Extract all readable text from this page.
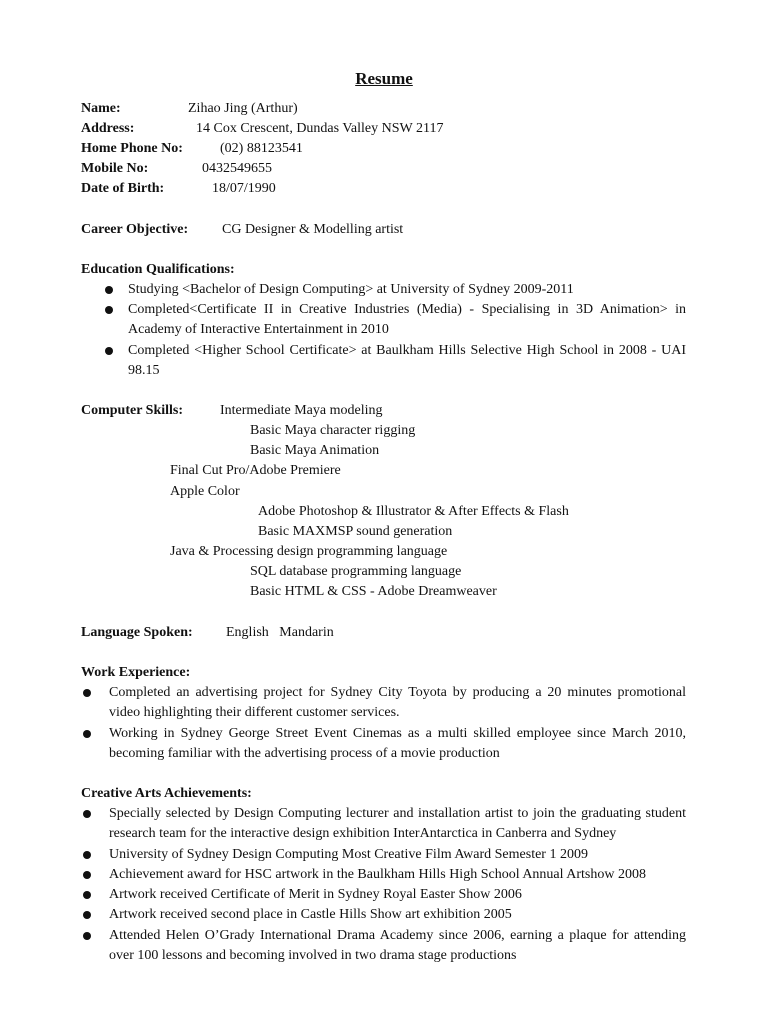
Resume
Name:	Zihao Jing (Arthur)
Address:	14 Cox Crescent, Dundas Valley NSW 2117
Home Phone No:	(02) 88123541
Mobile No:	0432549655
Date of Birth:	18/07/1990
Career Objective: CG Designer & Modelling artist
Education Qualifications:
Studying <Bachelor of Design Computing> at University of Sydney 2009-2011
Completed<Certificate II in Creative Industries (Media) - Specialising in 3D Animation> in
Academy of Interactive Entertainment in 2010
Completed <Higher School Certificate> at Baulkham Hills Selective High School in 2008 - UAI
98.15
Computer Skills:	Intermediate Maya modeling
Basic Maya character rigging
Basic Maya Animation
Final Cut Pro/Adobe Premiere
Apple Color
Adobe Photoshop & Illustrator & After Effects & Flash
Basic MAXMSP sound generation
Java & Processing design programming language
SQL database programming language
Basic HTML & CSS - Adobe Dreamweaver
Language Spoken: English   Mandarin
Work Experience:
Completed an advertising project for Sydney City Toyota by producing a 20 minutes promotional
video highlighting their different customer services.
Working in Sydney George Street Event Cinemas as a multi skilled employee since March 2010,
becoming familiar with the advertising process of a movie production
Creative Arts Achievements:
Specially selected by Design Computing lecturer and installation artist to join the graduating student
research team for the interactive design exhibition InterAntarctica in Canberra and Sydney
University of Sydney Design Computing Most Creative Film Award Semester 1 2009
Achievement award for HSC artwork in the Baulkham Hills High School Annual Artshow 2008
Artwork received Certificate of Merit in Sydney Royal Easter Show 2006
Artwork received second place in Castle Hills Show art exhibition 2005
Attended Helen O’Grady International Drama Academy since 2006, earning a plaque for attending
over 100 lessons and becoming involved in two drama stage productions
